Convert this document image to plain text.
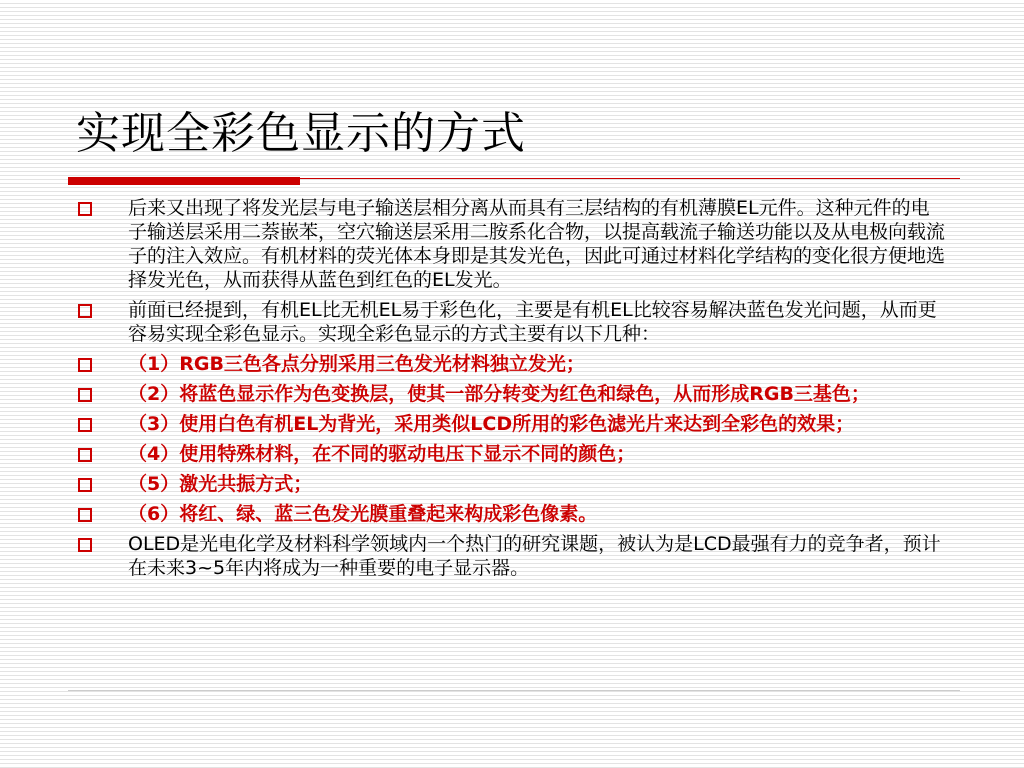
实现全彩色显示的方式
后来又出现了将发光层与电子输送层相分离从而具有三层结构的有机薄膜EL元件。这种元件的电子输送层采用二萘嵌苯，空穴输送层采用二胺系化合物，以提高载流子输送功能以及从电极向载流子的注入效应。有机材料的荧光体本身即是其发光色，因此可通过材料化学结构的变化很方便地选择发光色，从而获得从蓝色到红色的EL发光。
前面已经提到，有机EL比无机EL易于彩色化，主要是有机EL比较容易解决蓝色发光问题，从而更容易实现全彩色显示。实现全彩色显示的方式主要有以下几种：
（1）RGB三色各点分别采用三色发光材料独立发光；
（2）将蓝色显示作为色变换层，使其一部分转变为红色和绿色，从而形成RGB三基色；
（3）使用白色有机EL为背光，采用类似LCD所用的彩色滤光片来达到全彩色的效果；
（4）使用特殊材料，在不同的驱动电压下显示不同的颜色；
（5）激光共振方式；
（6）将红、绿、蓝三色发光膜重叠起来构成彩色像素。
OLED是光电化学及材料科学领域内一个热门的研究课题，被认为是LCD最强有力的竞争者，预计在未来3~5年内将成为一种重要的电子显示器。
